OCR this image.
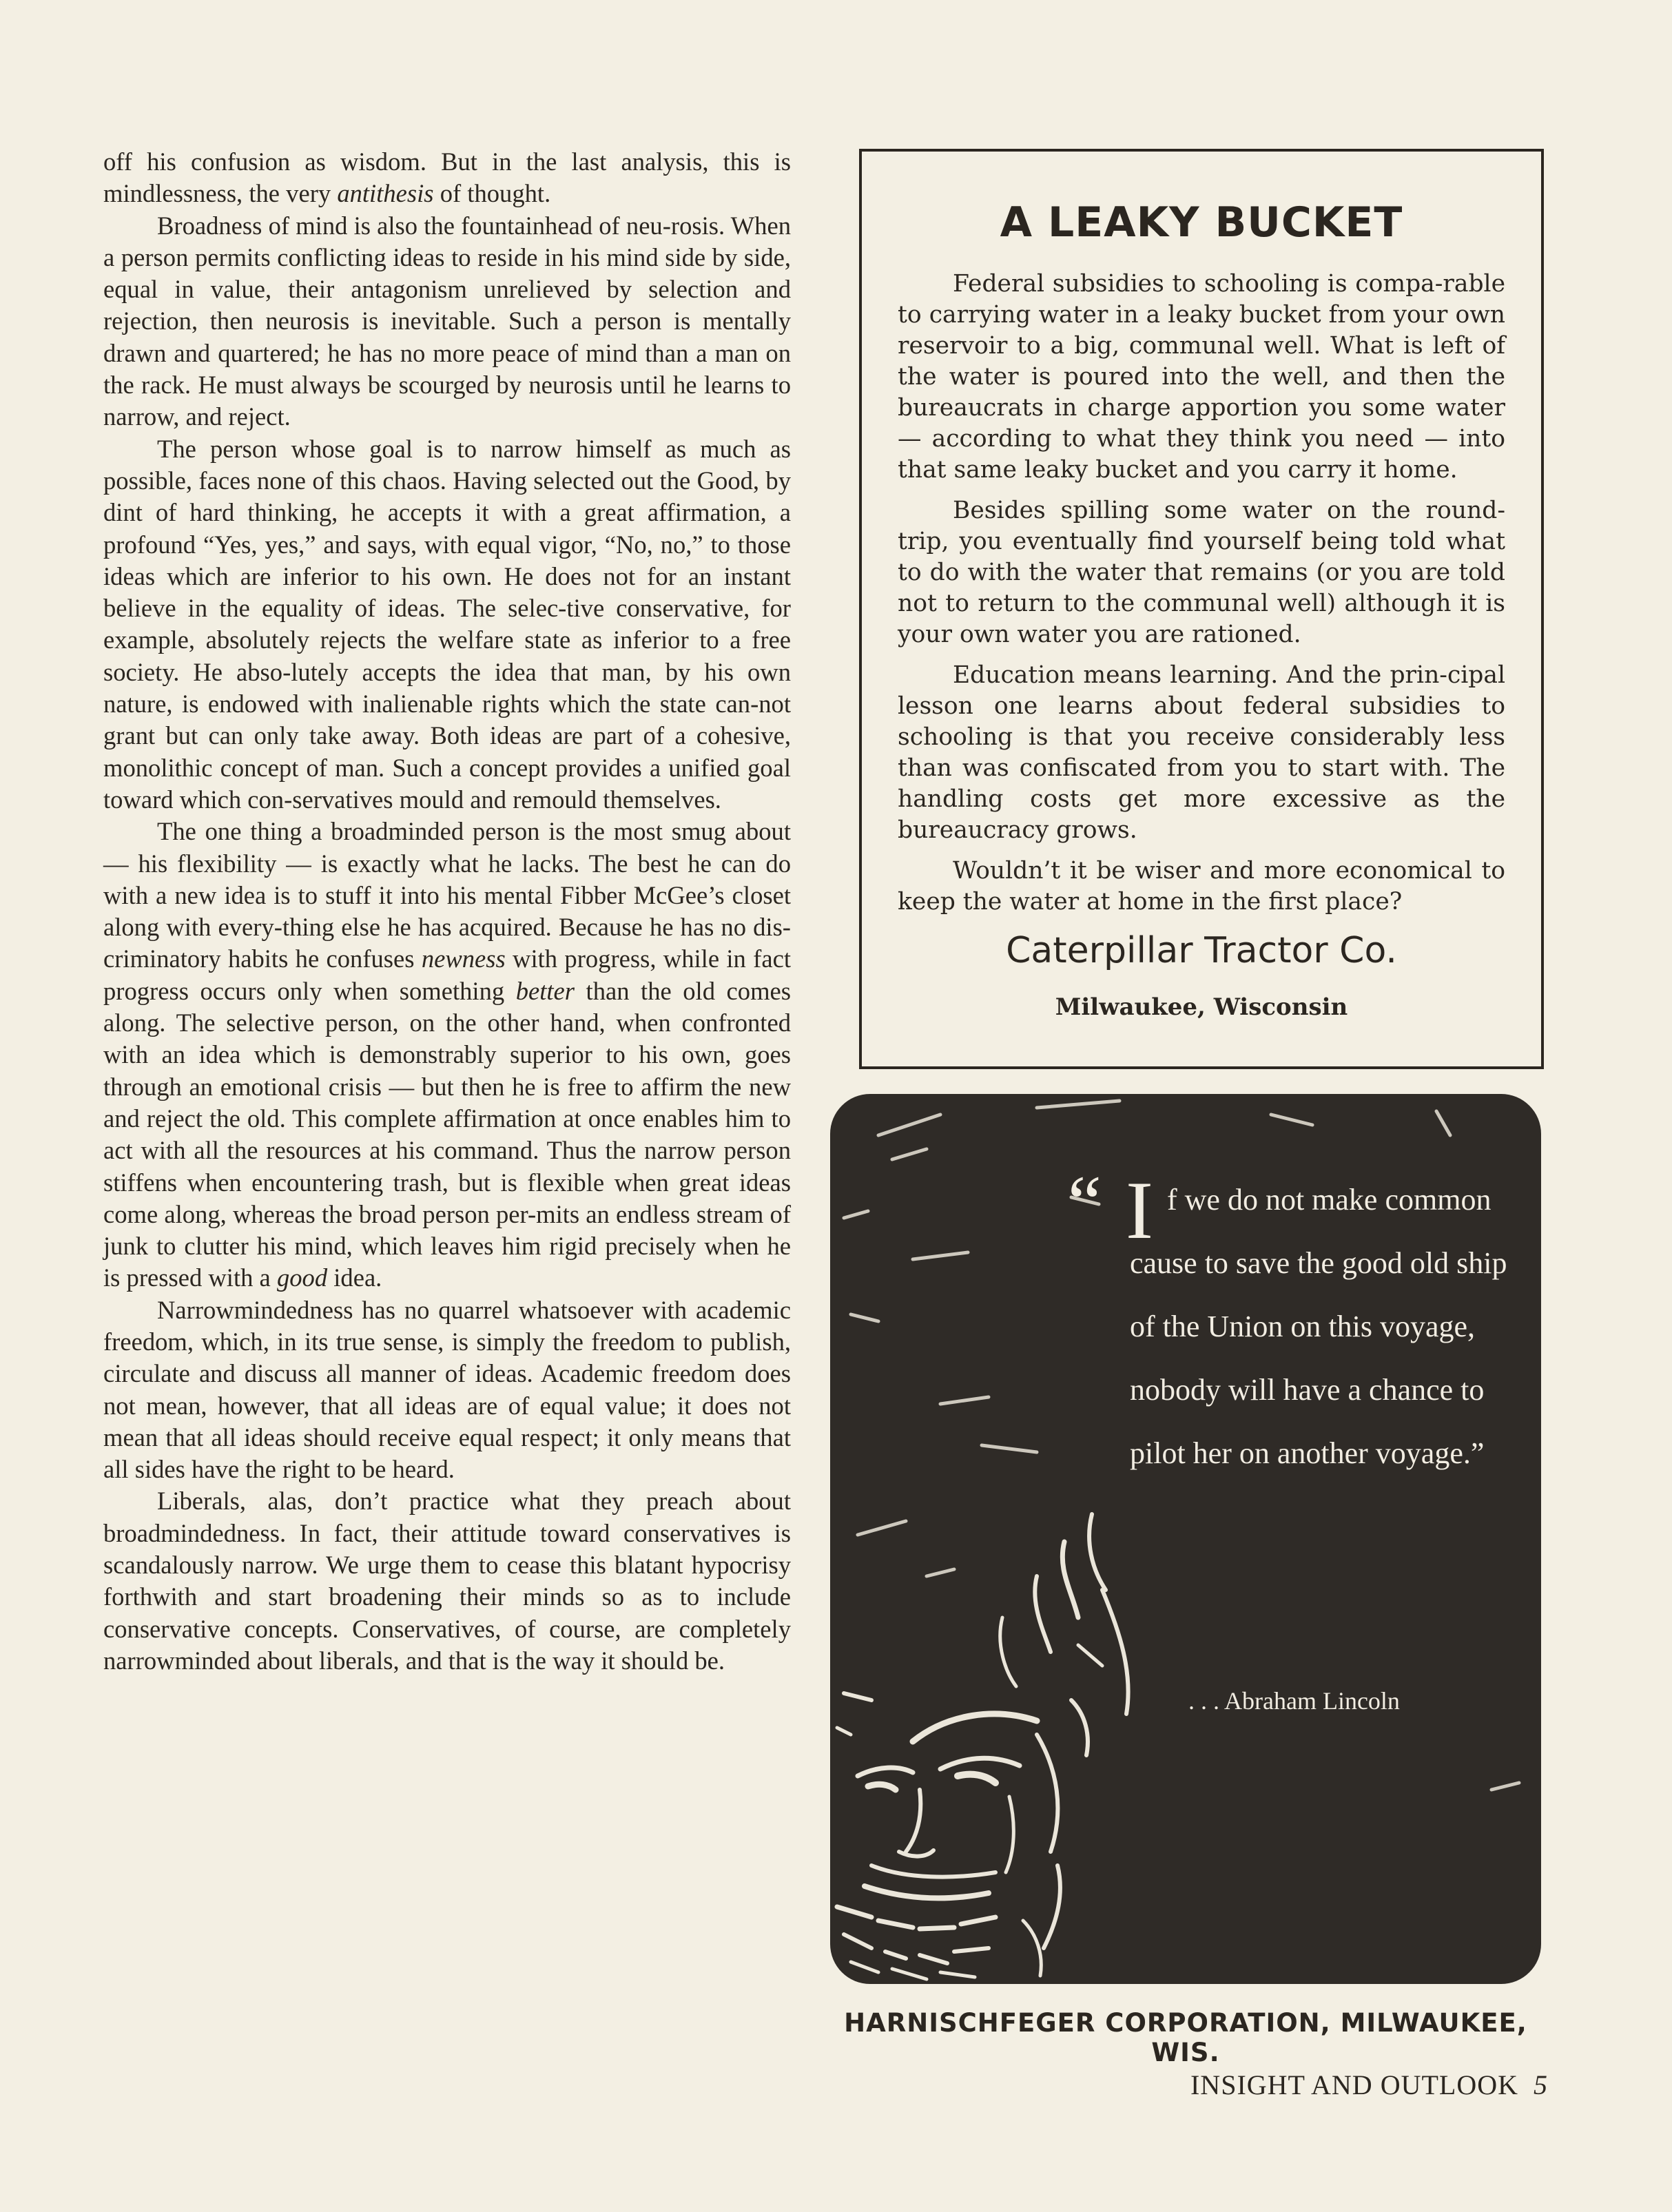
off his confusion as wisdom. But in the last analysis, this is mindlessness, the very antithesis of thought.

Broadness of mind is also the fountainhead of neu-rosis. When a person permits conflicting ideas to reside in his mind side by side, equal in value, their antagonism unrelieved by selection and rejection, then neurosis is inevitable. Such a person is mentally drawn and quartered; he has no more peace of mind than a man on the rack. He must always be scourged by neurosis until he learns to narrow, and reject.

The person whose goal is to narrow himself as much as possible, faces none of this chaos. Having selected out the Good, by dint of hard thinking, he accepts it with a great affirmation, a profound “Yes, yes,” and says, with equal vigor, “No, no,” to those ideas which are inferior to his own. He does not for an instant believe in the equality of ideas. The selec-tive conservative, for example, absolutely rejects the welfare state as inferior to a free society. He abso-lutely accepts the idea that man, by his own nature, is endowed with inalienable rights which the state can-not grant but can only take away. Both ideas are part of a cohesive, monolithic concept of man. Such a concept provides a unified goal toward which con-servatives mould and remould themselves.

The one thing a broadminded person is the most smug about — his flexibility — is exactly what he lacks. The best he can do with a new idea is to stuff it into his mental Fibber McGee’s closet along with every-thing else he has acquired. Because he has no dis-criminatory habits he confuses newness with progress, while in fact progress occurs only when something better than the old comes along. The selective person, on the other hand, when confronted with an idea which is demonstrably superior to his own, goes through an emotional crisis — but then he is free to affirm the new and reject the old. This complete affirmation at once enables him to act with all the resources at his command. Thus the narrow person stiffens when encountering trash, but is flexible when great ideas come along, whereas the broad person per-mits an endless stream of junk to clutter his mind, which leaves him rigid precisely when he is pressed with a good idea.

Narrowmindedness has no quarrel whatsoever with academic freedom, which, in its true sense, is simply the freedom to publish, circulate and discuss all manner of ideas. Academic freedom does not mean, however, that all ideas are of equal value; it does not mean that all ideas should receive equal respect; it only means that all sides have the right to be heard.

Liberals, alas, don’t practice what they preach about broadmindedness. In fact, their attitude toward conservatives is scandalously narrow. We urge them to cease this blatant hypocrisy forthwith and start broadening their minds so as to include conservative concepts. Conservatives, of course, are completely narrowminded about liberals, and that is the way it should be.

A LEAKY BUCKET

Federal subsidies to schooling is compa-rable to carrying water in a leaky bucket from your own reservoir to a big, communal well. What is left of the water is poured into the well, and then the bureaucrats in charge apportion you some water — according to what they think you need — into that same leaky bucket and you carry it home.

Besides spilling some water on the round-trip, you eventually find yourself being told what to do with the water that remains (or you are told not to return to the communal well) although it is your own water you are rationed.

Education means learning. And the prin-cipal lesson one learns about federal subsidies to schooling is that you receive considerably less than was confiscated from you to start with. The handling costs get more excessive as the bureaucracy grows.

Wouldn’t it be wiser and more economical to keep the water at home in the first place?

Caterpillar Tractor Co.
Milwaukee, Wisconsin
“ I f we do not make common cause to save the good old ship of the Union on this voyage, nobody will have a chance to pilot her on another voyage.”
. . . Abraham Lincoln
HARNISCHFEGER CORPORATION, MILWAUKEE, WIS.
INSIGHT AND OUTLOOK 5
